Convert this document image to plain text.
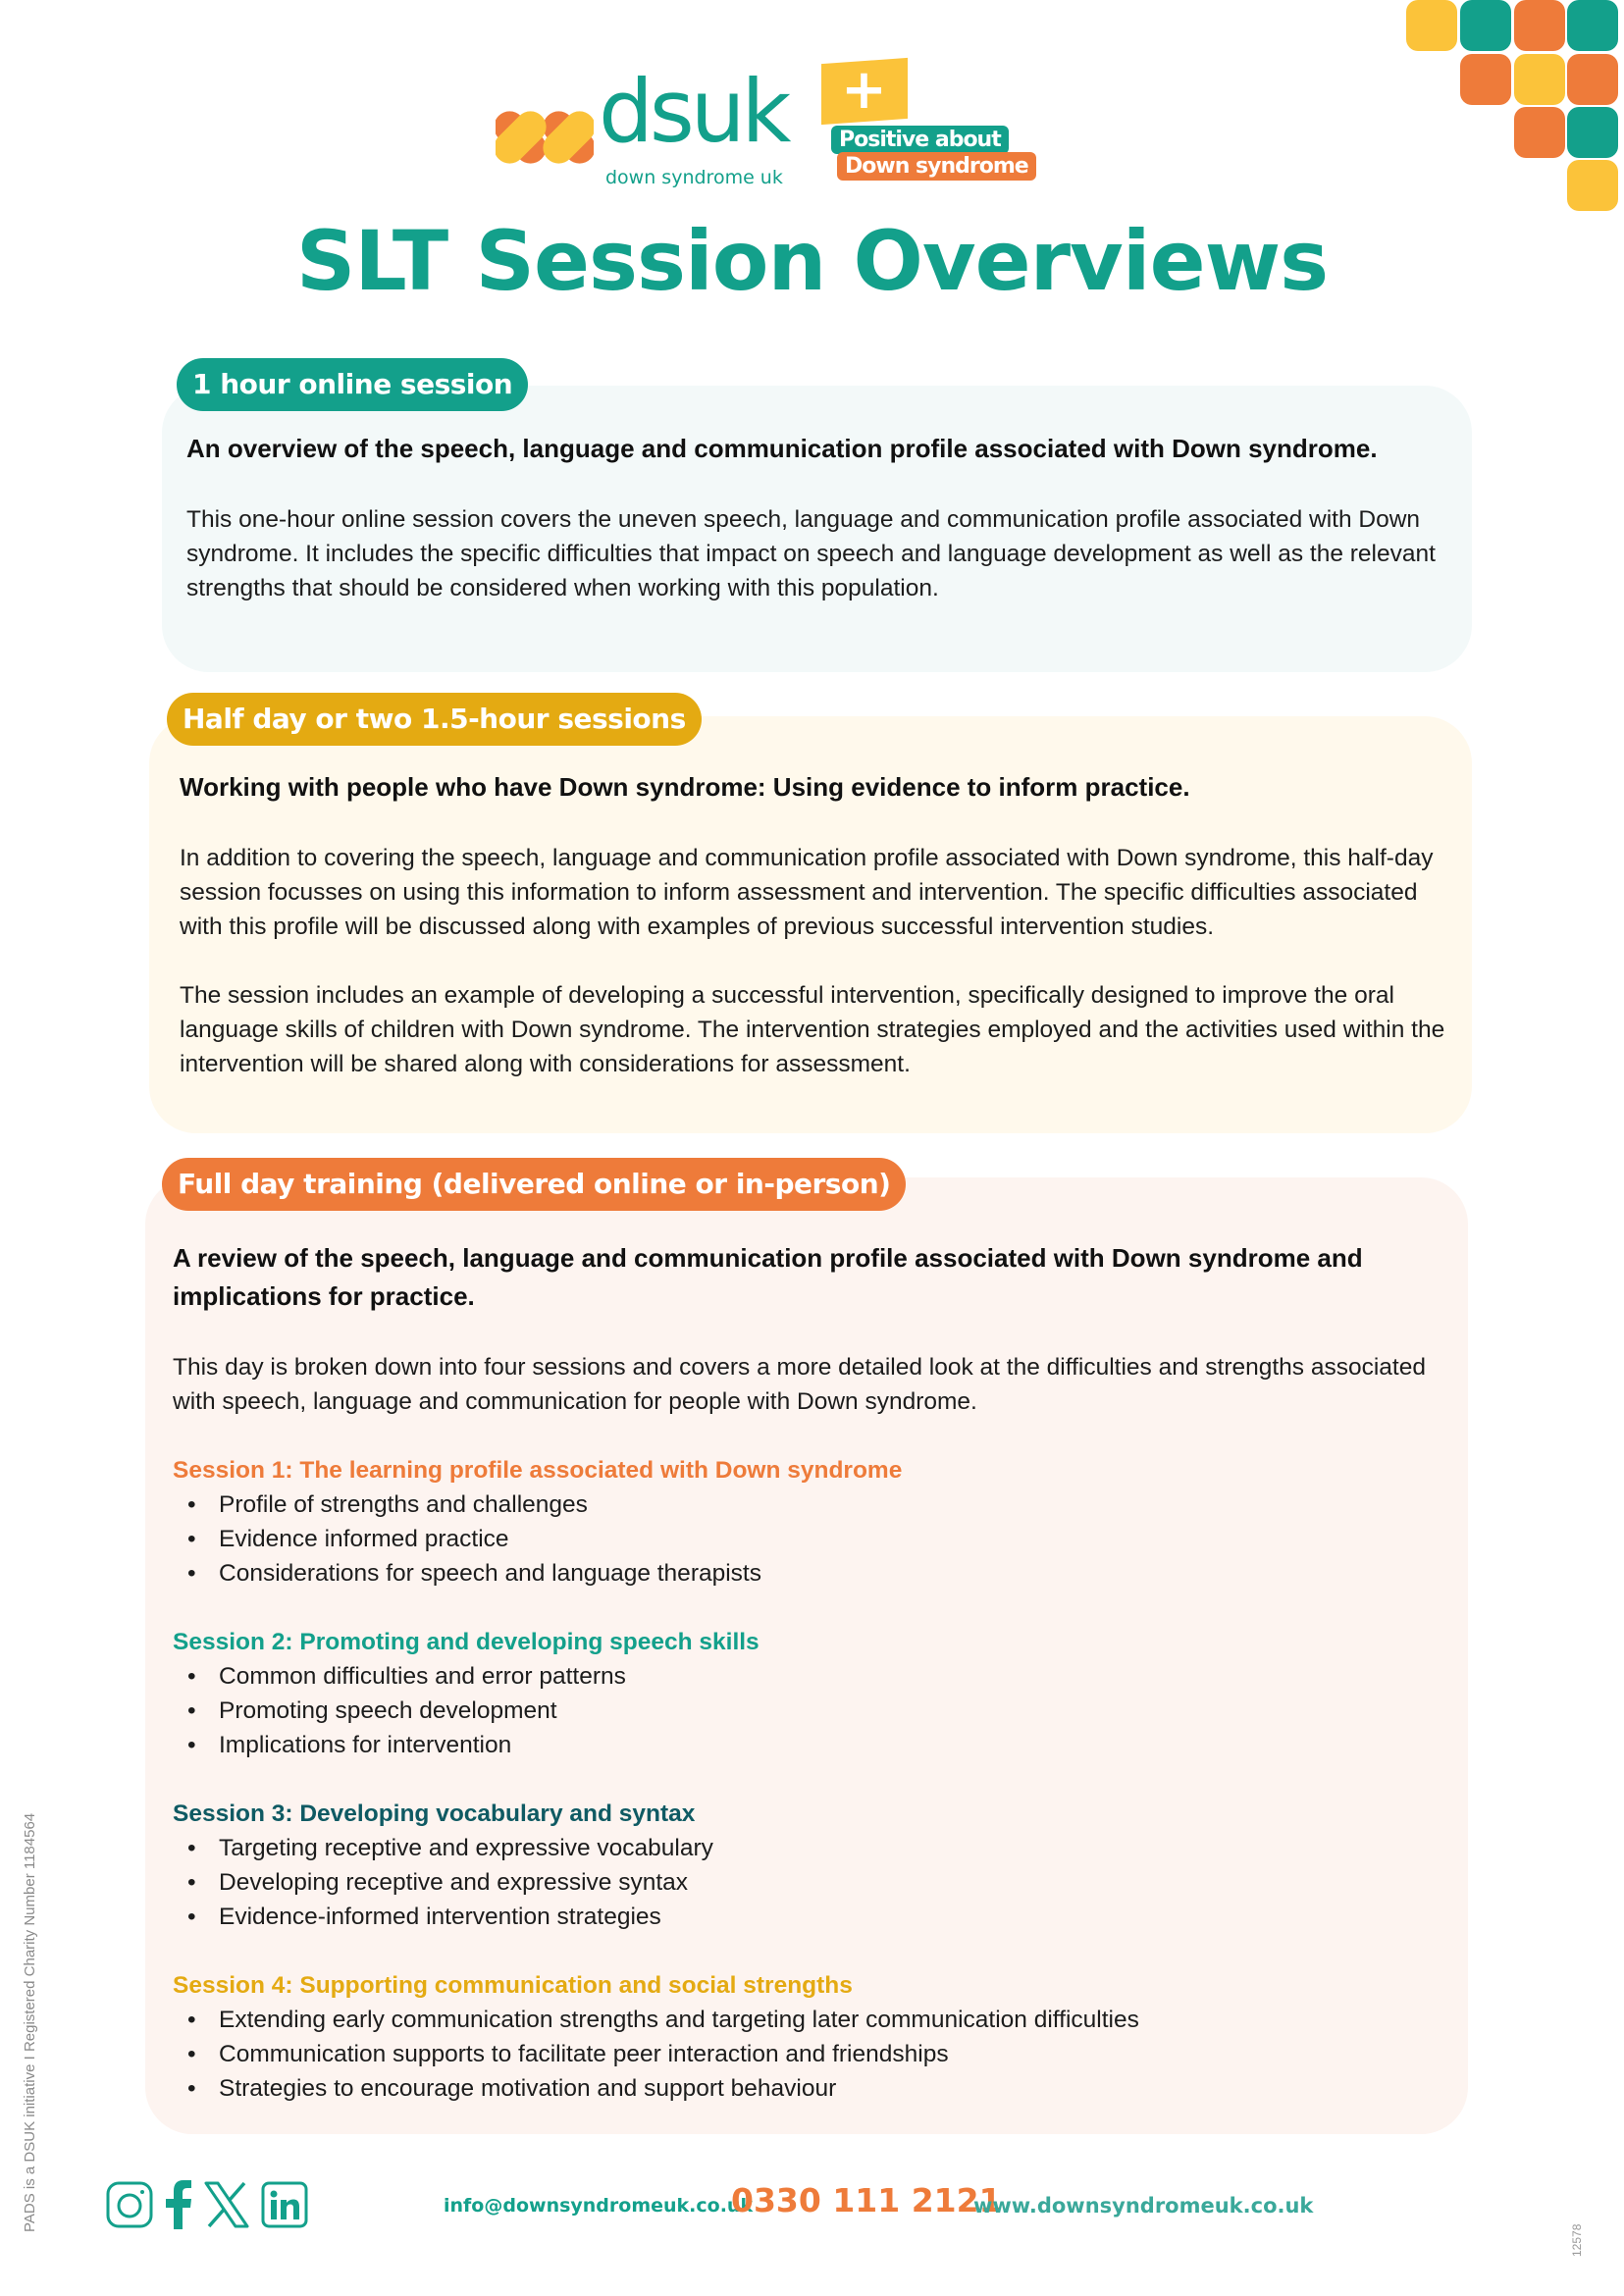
dsuk
down syndrome uk
+
Positive about
Down syndrome
SLT Session Overviews
1 hour online session

An overview of the speech, language and communication profile associated with Down syndrome.

This one-hour online session covers the uneven speech, language and communication profile associated with Down syndrome. It includes the specific difficulties that impact on speech and language development as well as the relevant strengths that should be considered when working with this population.

Half day or two 1.5-hour sessions

Working with people who have Down syndrome: Using evidence to inform practice.

In addition to covering the speech, language and communication profile associated with Down syndrome, this half-day session focusses on using this information to inform assessment and intervention. The specific difficulties associated with this profile will be discussed along with examples of previous successful intervention studies.

The session includes an example of developing a successful intervention, specifically designed to improve the oral language skills of children with Down syndrome. The intervention strategies employed and the activities used within the intervention will be shared along with considerations for assessment.

Full day training (delivered online or in-person)

A review of the speech, language and communication profile associated with Down syndrome and implications for practice.

This day is broken down into four sessions and covers a more detailed look at the difficulties and strengths associated with speech, language and communication for people with Down syndrome.

Session 1: The learning profile associated with Down syndrome

• Profile of strengths and challenges
• Evidence informed practice
• Considerations for speech and language therapists

Session 2: Promoting and developing speech skills

• Common difficulties and error patterns
• Promoting speech development
• Implications for intervention

Session 3: Developing vocabulary and syntax

• Targeting receptive and expressive vocabulary
• Developing receptive and expressive syntax
• Evidence-informed intervention strategies

Session 4: Supporting communication and social strengths

• Extending early communication strengths and targeting later communication difficulties
• Communication supports to facilitate peer interaction and friendships
• Strategies to encourage motivation and support behaviour
PADS is a DSUK initiative I Registered Charity Number 1184564
12578
info@downsyndromeuk.co.uk
0330 111 2121
www.downsyndromeuk.co.uk
